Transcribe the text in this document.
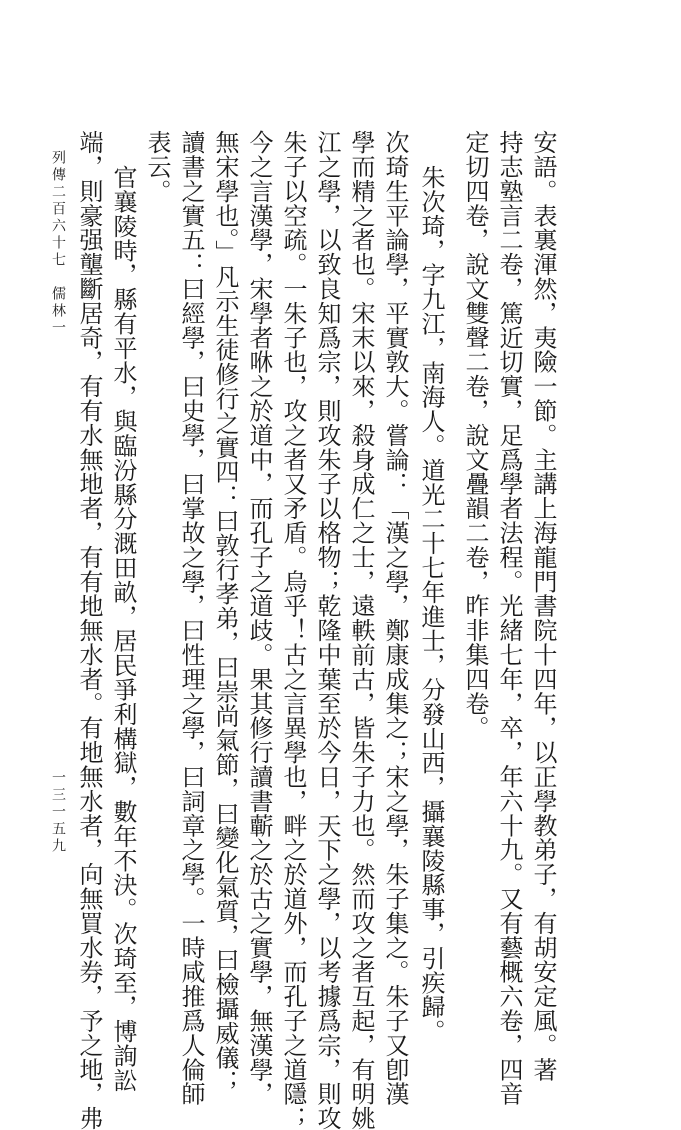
安語。表裏渾然，夷險一節。主講上海龍門書院十四年，以正學教弟子，有胡安定風。著
持志塾言二卷，篤近切實，足爲學者法程。光緒七年，卒，年六十九。又有藝概六卷，四音
定切四卷，說文雙聲二卷，說文疊韻二卷，昨非集四卷。
朱次琦，字九江，南海人。道光二十七年進士，分發山西，攝襄陵縣事，引疾歸。
次琦生平論學，平實敦大。嘗論：「漢之學，鄭康成集之；宋之學，朱子集之。朱子又卽漢
學而精之者也。宋末以來，殺身成仁之士，遠軼前古，皆朱子力也。然而攻之者互起，有明姚
江之學，以致良知爲宗，則攻朱子以格物；乾隆中葉至於今日，天下之學，以考據爲宗，則攻
朱子以空疏。一朱子也，攻之者又矛盾。烏乎！古之言異學也，畔之於道外，而孔子之道隱；
今之言漢學，宋學者咻之於道中，而孔子之道歧。果其修行讀書蘄之於古之實學，無漢學，
無宋學也。」凡示生徒修行之實四：曰敦行孝弟，曰崇尚氣節，曰變化氣質，曰檢攝威儀；
讀書之實五：曰經學，曰史學，曰掌故之學，曰性理之學，曰詞章之學。一時咸推爲人倫師
表云。
官襄陵時，縣有平水，與臨汾縣分溉田畝，居民爭利構獄，數年不決。次琦至，博詢訟
端，則豪强壟斷居奇，有有水無地者，有有地無水者。有地無水者，向無買水券，予之地，弗
列傳二百六十七　儒林一
一三一五九
